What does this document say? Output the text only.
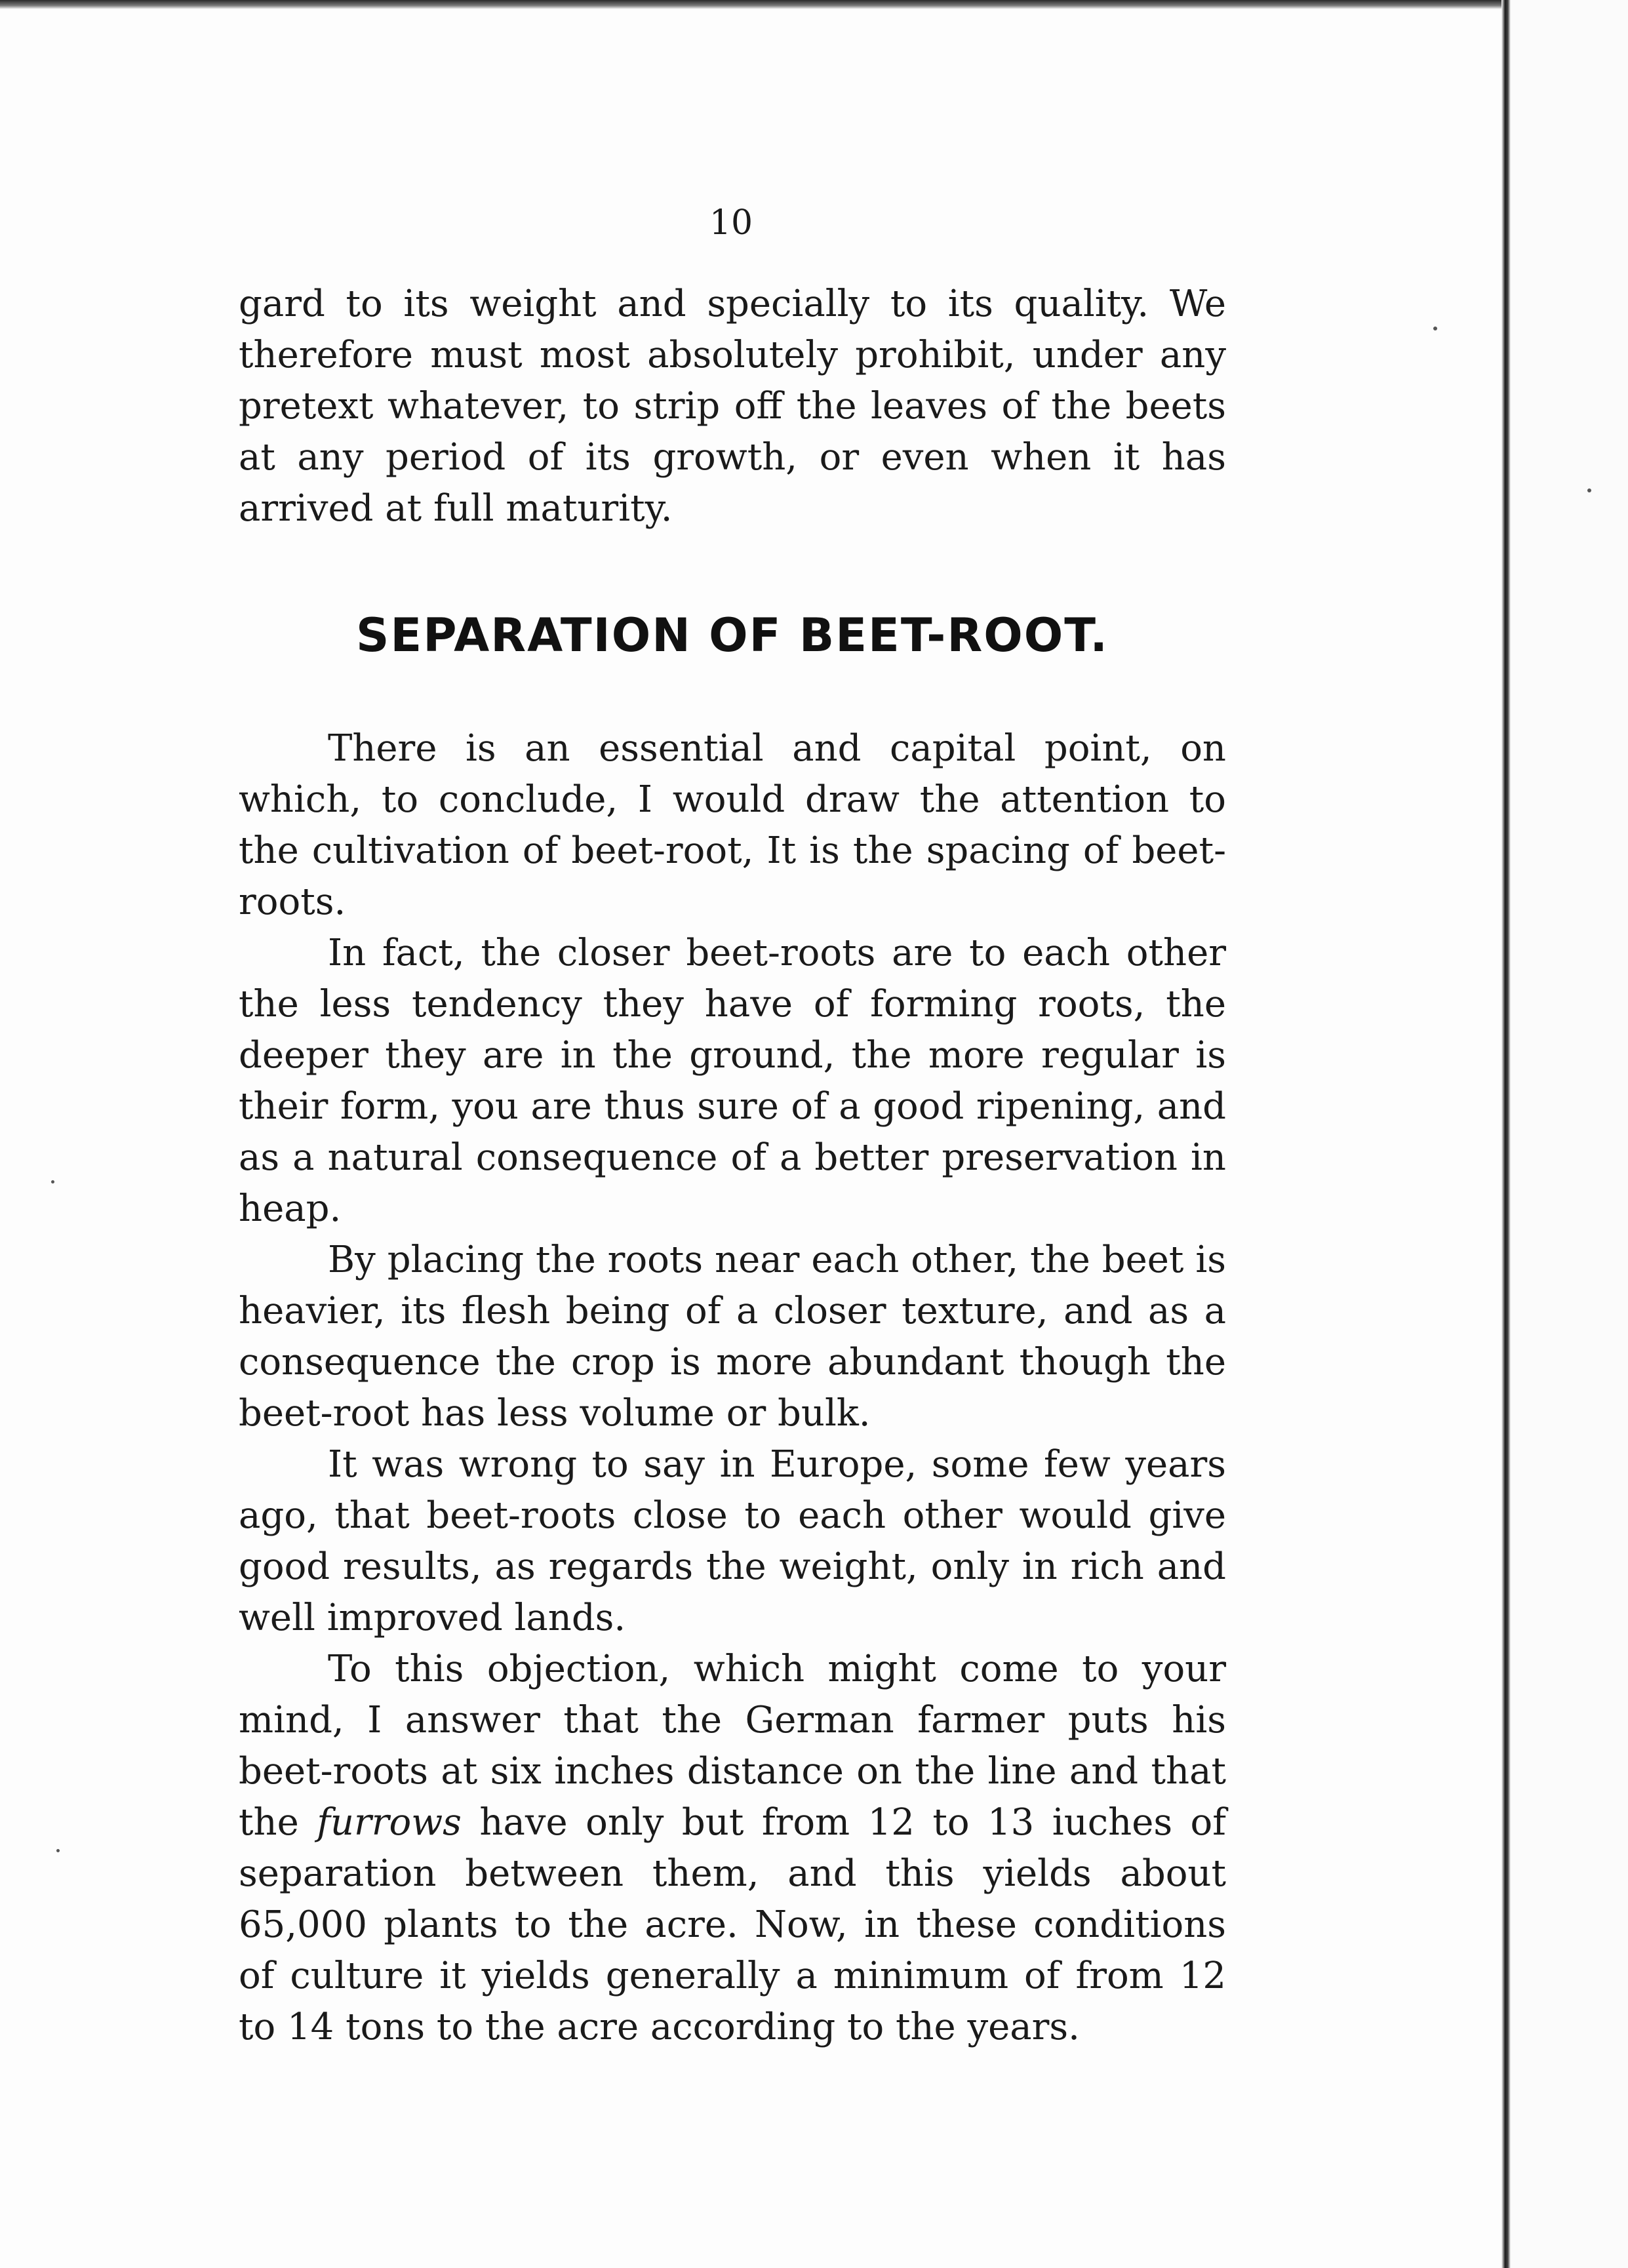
10

gard to its weight and specially to its quality. We therefore must most absolutely prohibit, under any pretext whatever, to strip off the leaves of the beets at any period of its growth, or even when it has arrived at full maturity.

SEPARATION OF BEET-ROOT.

There is an essential and capital point, on which, to conclude, I would draw the attention to the cultivation of beet-root, It is the spacing of beet-roots.

In fact, the closer beet-roots are to each other the less tendency they have of forming roots, the deeper they are in the ground, the more regular is their form, you are thus sure of a good ripening, and as a natural consequence of a better preservation in heap.

By placing the roots near each other, the beet is heavier, its flesh being of a closer texture, and as a consequence the crop is more abundant though the beet-root has less volume or bulk.

It was wrong to say in Europe, some few years ago, that beet-roots close to each other would give good results, as regards the weight, only in rich and well improved lands.

To this objection, which might come to your mind, I answer that the German farmer puts his beet-roots at six inches distance on the line and that the furrows have only but from 12 to 13 iuches of separation between them, and this yields about 65,000 plants to the acre. Now, in these conditions of culture it yields generally a minimum of from 12 to 14 tons to the acre according to the years.
